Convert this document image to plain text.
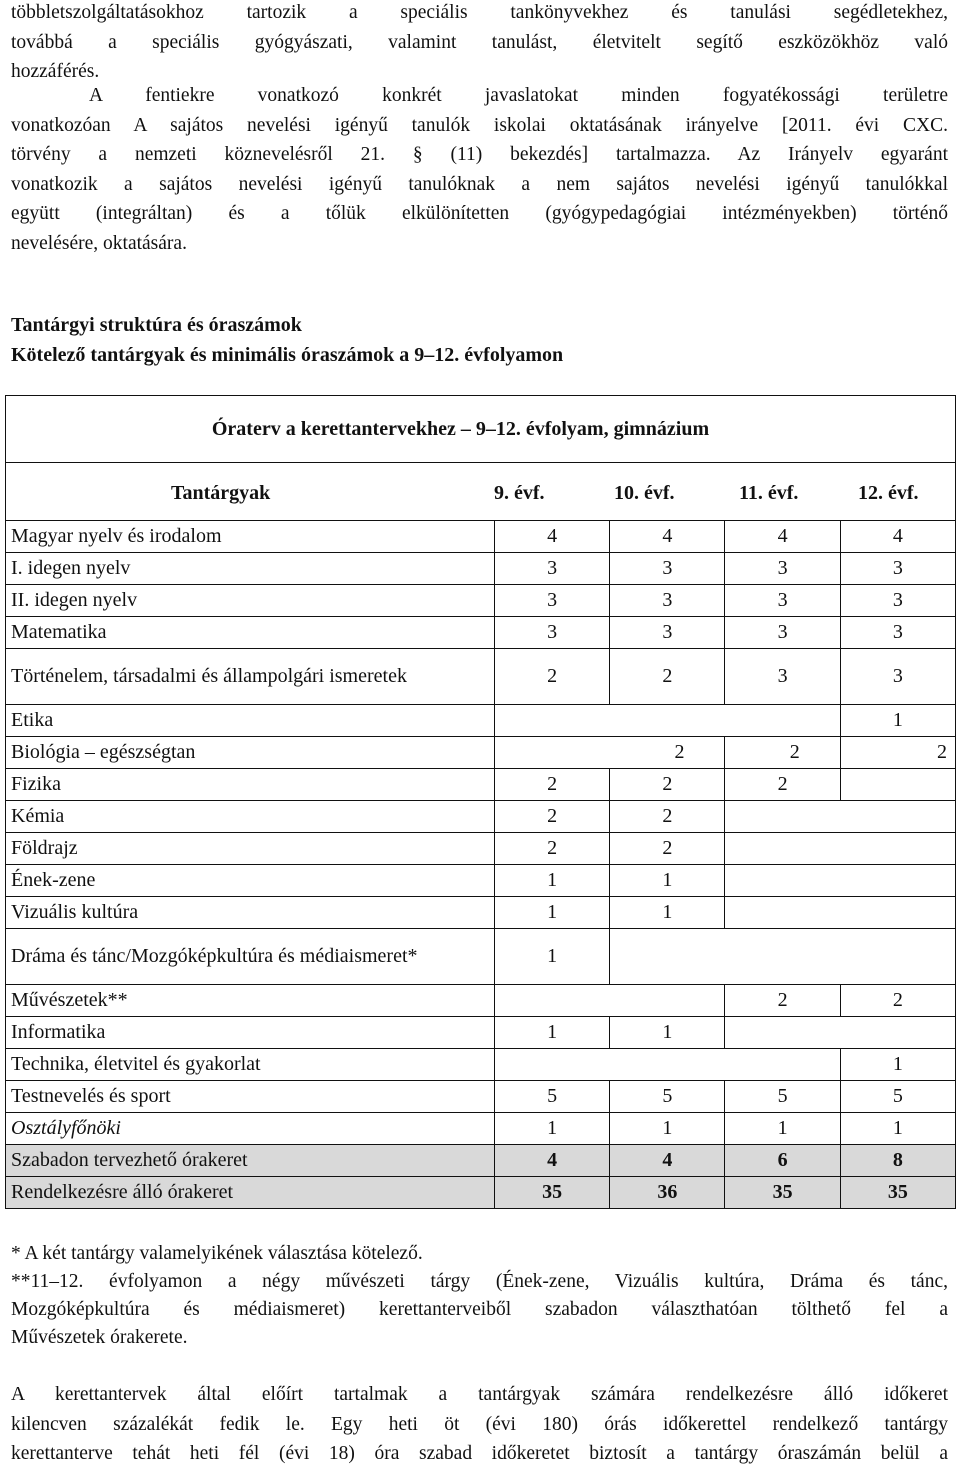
többletszolgáltatásokhoz tartozik a speciális tankönyvekhez és tanulási segédletekhez,
továbbá a speciális gyógyászati, valamint tanulást, életvitelt segítő eszközökhöz való
hozzáférés.
A fentiekre vonatkozó konkrét javaslatokat minden fogyatékossági területre
vonatkozóan A sajátos nevelési igényű tanulók iskolai oktatásának irányelve [2011. évi CXC.
törvény a nemzeti köznevelésről 21. § (11) bekezdés] tartalmazza. Az Irányelv egyaránt
vonatkozik a sajátos nevelési igényű tanulóknak a nem sajátos nevelési igényű tanulókkal
együtt (integráltan) és a tőlük elkülönítetten (gyógypedagógiai intézményekben) történő
nevelésére, oktatására.
Tantárgyi struktúra és óraszámok
Kötelező tantárgyak és minimális óraszámok a 9–12. évfolyamon
Óraterv a kerettantervekhez – 9–12. évfolyam, gimnázium
Tantárgyak	9. évf.	10. évf.	11. évf.	12. évf.
Magyar nyelv és irodalom	4	4	4	4
I. idegen nyelv	3	3	3	3
II. idegen nyelv	3	3	3	3
Matematika	3	3	3	3
Történelem, társadalmi és állampolgári ismeretek	2	2	3	3
Etika				1
Biológia – egészségtan		2	2	2
Fizika	2	2	2	
Kémia	2	2		
Földrajz	2	2		
Ének-zene	1	1		
Vizuális kultúra	1	1		
Dráma és tánc/Mozgóképkultúra és médiaismeret*	1			
Művészetek**			2	2
Informatika	1	1		
Technika, életvitel és gyakorlat				1
Testnevelés és sport	5	5	5	5
Osztályfőnöki	1	1	1	1
Szabadon tervezhető órakeret	4	4	6	8
Rendelkezésre álló órakeret	35	36	35	35
* A két tantárgy valamelyikének választása kötelező.
**11–12. évfolyamon a négy művészeti tárgy (Ének-zene, Vizuális kultúra, Dráma és tánc,
Mozgóképkultúra és médiaismeret) kerettanterveiből szabadon választhatóan tölthető fel a
Művészetek órakerete.
A kerettantervek által előírt tartalmak a tantárgyak számára rendelkezésre álló időkeret
kilencven százalékát fedik le. Egy heti öt (évi 180) órás időkerettel rendelkező tantárgy
kerettanterve tehát heti fél (évi 18) óra szabad időkeretet biztosít a tantárgy óraszámán belül a
